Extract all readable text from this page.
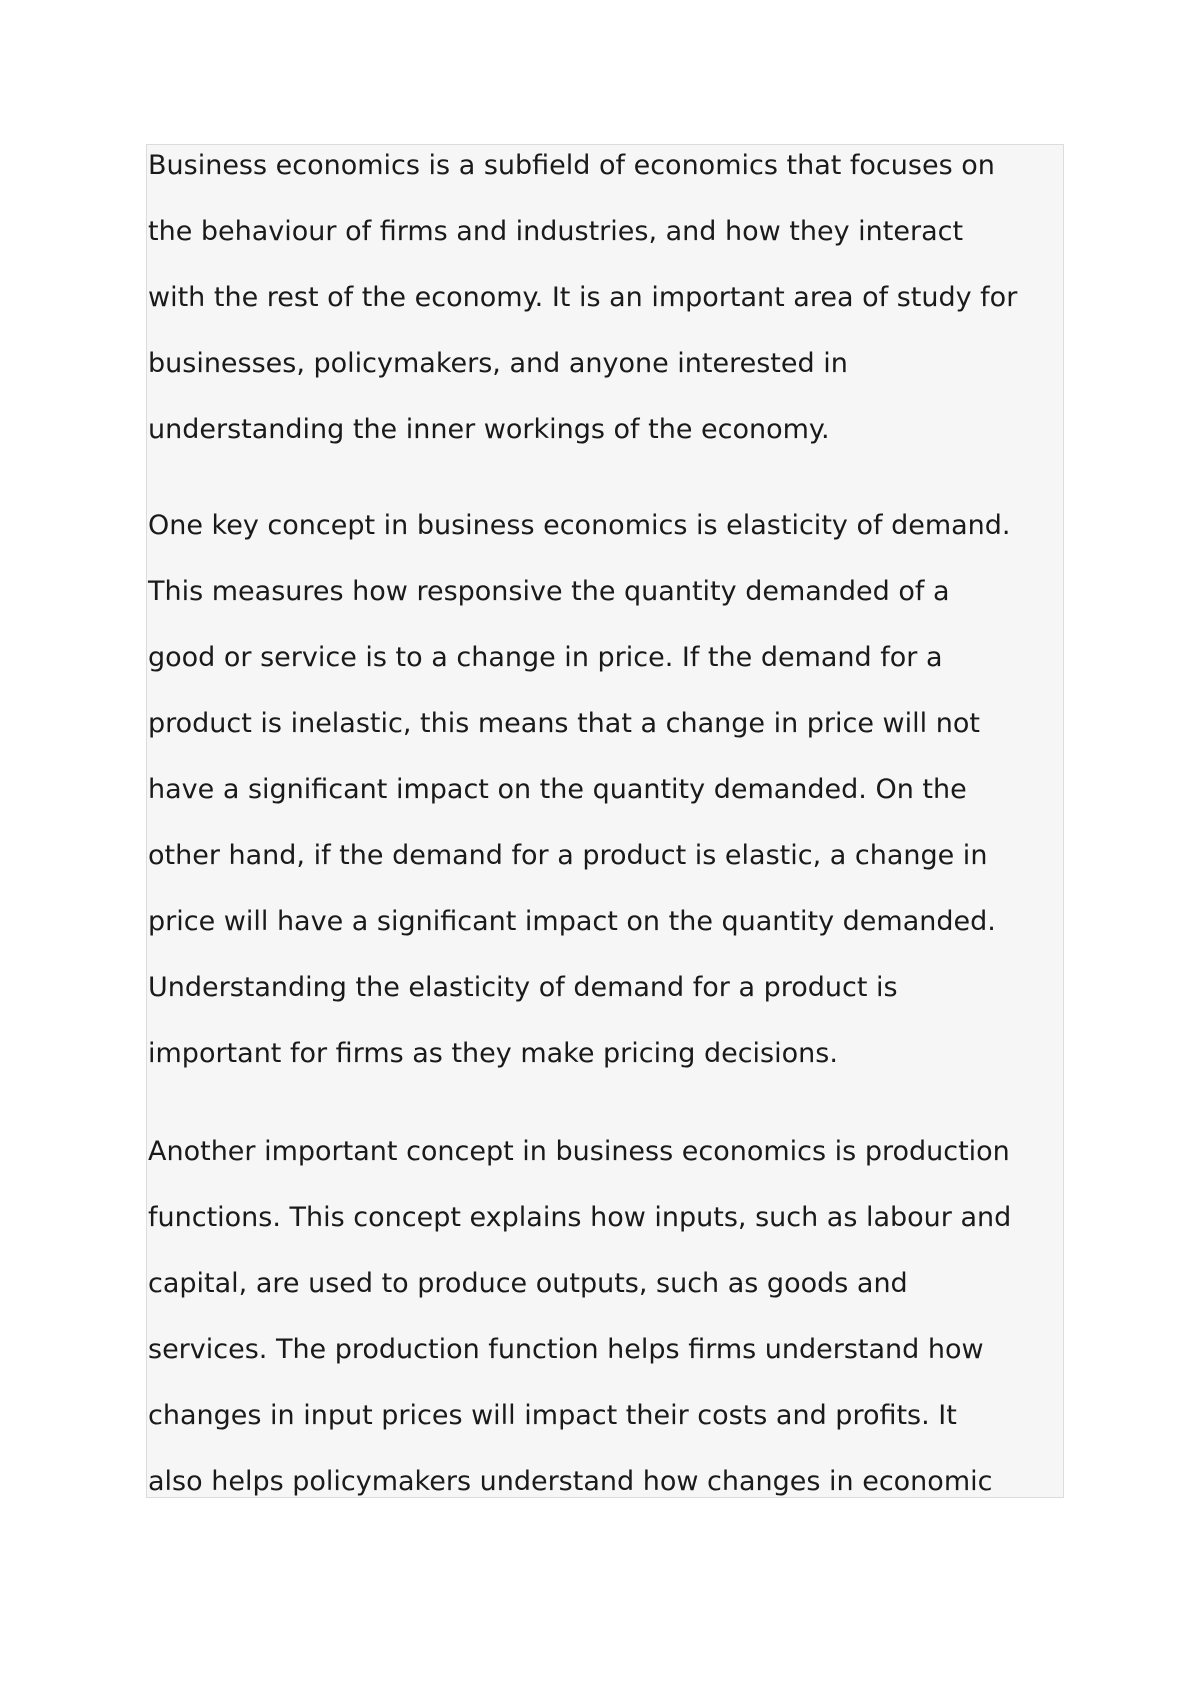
Business economics is a subfield of economics that focuses on

the behaviour of firms and industries, and how they interact

with the rest of the economy. It is an important area of study for

businesses, policymakers, and anyone interested in

understanding the inner workings of the economy.

One key concept in business economics is elasticity of demand.

This measures how responsive the quantity demanded of a

good or service is to a change in price. If the demand for a

product is inelastic, this means that a change in price will not

have a significant impact on the quantity demanded. On the

other hand, if the demand for a product is elastic, a change in

price will have a significant impact on the quantity demanded.

Understanding the elasticity of demand for a product is

important for firms as they make pricing decisions.

Another important concept in business economics is production

functions. This concept explains how inputs, such as labour and

capital, are used to produce outputs, such as goods and

services. The production function helps firms understand how

changes in input prices will impact their costs and profits. It

also helps policymakers understand how changes in economic
